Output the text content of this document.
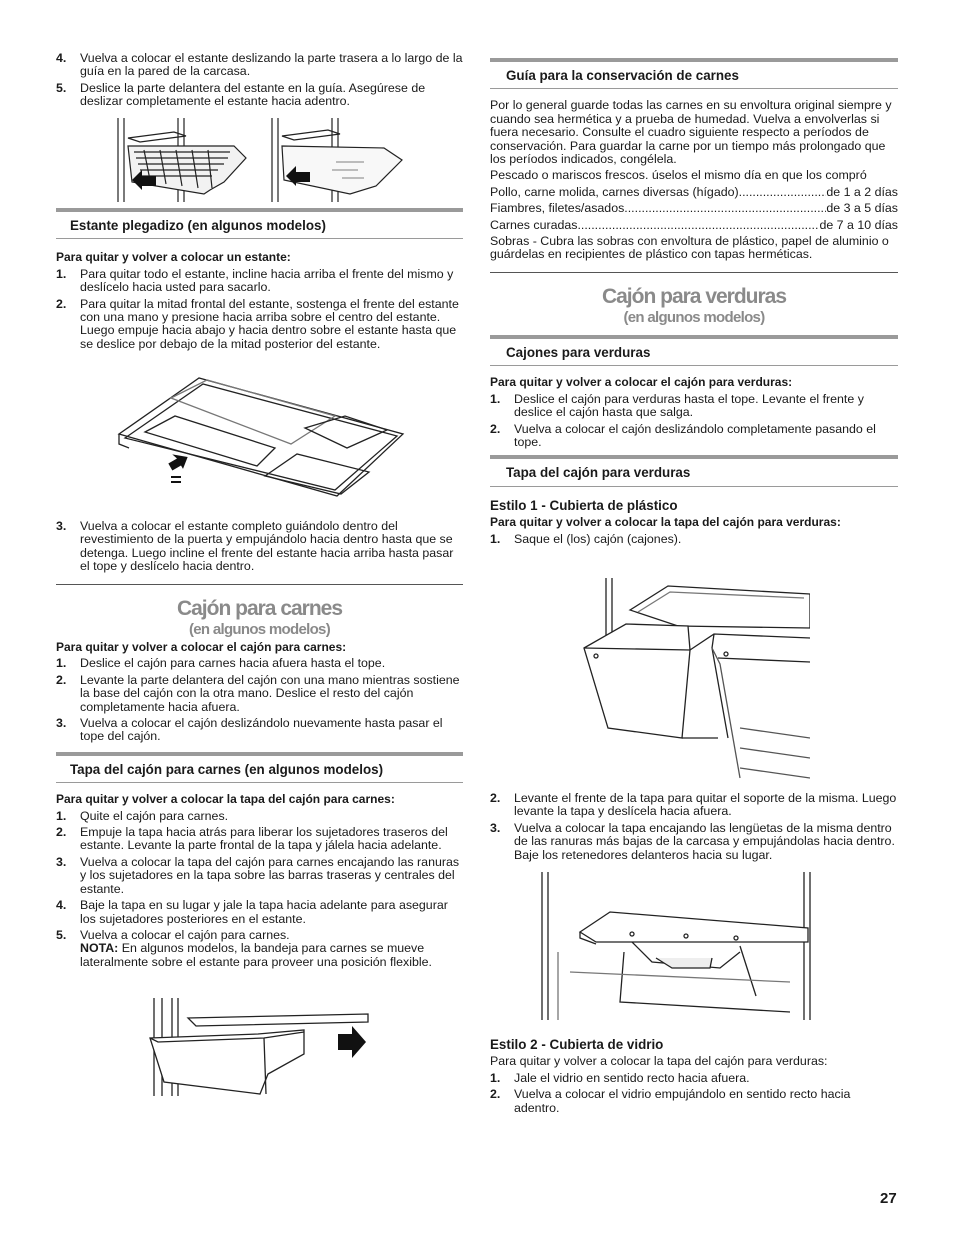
4. Vuelva a colocar el estante deslizando la parte trasera a lo largo de la guía en la pared de la carcasa.
5. Deslice la parte delantera del estante en la guía. Asegúrese de deslizar completamente el estante hacia adentro.
Estante plegadizo (en algunos modelos)
Para quitar y volver a colocar un estante:
1. Para quitar todo el estante, incline hacia arriba el frente del mismo y deslícelo hacia usted para sacarlo.
2. Para quitar la mitad frontal del estante, sostenga el frente del estante con una mano y presione hacia arriba sobre el centro del estante. Luego empuje hacia abajo y hacia dentro sobre el estante hasta que se deslice por debajo de la mitad posterior del estante.
3. Vuelva a colocar el estante completo guiándolo dentro del revestimiento de la puerta y empujándolo hacia dentro hasta que se detenga. Luego incline el frente del estante hacia arriba hasta pasar el tope y deslícelo hacia dentro.
Cajón para carnes
(en algunos modelos)
Para quitar y volver a colocar el cajón para carnes:
1. Deslice el cajón para carnes hacia afuera hasta el tope.
2. Levante la parte delantera del cajón con una mano mientras sostiene la base del cajón con la otra mano. Deslice el resto del cajón completamente hacia afuera.
3. Vuelva a colocar el cajón deslizándolo nuevamente hasta pasar el tope del cajón.
Tapa del cajón para carnes (en algunos modelos)
Para quitar y volver a colocar la tapa del cajón para carnes:
1. Quite el cajón para carnes.
2. Empuje la tapa hacia atrás para liberar los sujetadores traseros del estante. Levante la parte frontal de la tapa y jálela hacia adelante.
3. Vuelva a colocar la tapa del cajón para carnes encajando las ranuras y los sujetadores en la tapa sobre las barras traseras y centrales del estante.
4. Baje la tapa en su lugar y jale la tapa hacia adelante para asegurar los sujetadores posteriores en el estante.
5. Vuelva a colocar el cajón para carnes.
NOTA: En algunos modelos, la bandeja para carnes se mueve lateralmente sobre el estante para proveer una posición flexible.
Guía para la conservación de carnes
Por lo general guarde todas las carnes en su envoltura original siempre y cuando sea hermética y a prueba de humedad. Vuelva a envolverlas si fuera necesario. Consulte el cuadro siguiente respecto a períodos de conservación. Para guardar la carne por un tiempo más prolongado que los períodos indicados, congélela.
Pescado o mariscos frescos. úselos el mismo día en que los compró
Pollo, carne molida, carnes diversas (hígado) .....	de 1 a 2 días
Fiambres, filetes/asados .....	de 3 a 5 días
Carnes curadas .....	de 7 a 10 días
Sobras - Cubra las sobras con envoltura de plástico, papel de aluminio o guárdelas en recipientes de plástico con tapas herméticas.
Cajón para verduras
(en algunos modelos)
Cajones para verduras
Para quitar y volver a colocar el cajón para verduras:
1. Deslice el cajón para verduras hasta el tope. Levante el frente y deslice el cajón hasta que salga.
2. Vuelva a colocar el cajón deslizándolo completamente pasando el tope.
Tapa del cajón para verduras
Estilo 1 - Cubierta de plástico
Para quitar y volver a colocar la tapa del cajón para verduras:
1. Saque el (los) cajón (cajones).
2. Levante el frente de la tapa para quitar el soporte de la misma. Luego levante la tapa y deslícela hacia afuera.
3. Vuelva a colocar la tapa encajando las lengüetas de la misma dentro de las ranuras más bajas de la carcasa y empujándolas hacia dentro. Baje los retenedores delanteros hacia su lugar.
Estilo 2 - Cubierta de vidrio
Para quitar y volver a colocar la tapa del cajón para verduras:
1. Jale el vidrio en sentido recto hacia afuera.
2. Vuelva a colocar el vidrio empujándolo en sentido recto hacia adentro.
27
